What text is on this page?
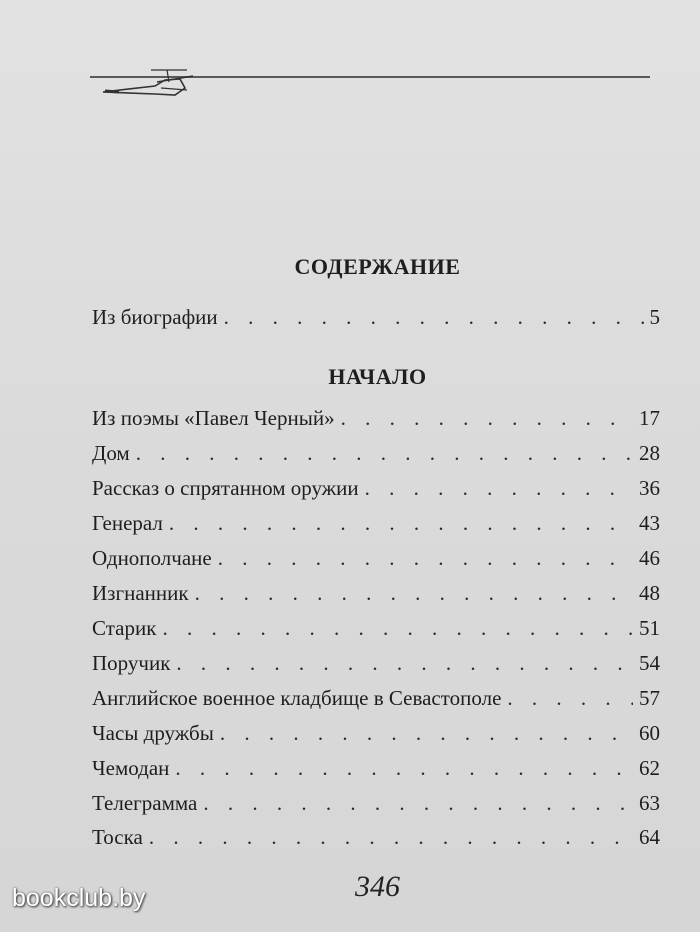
СОДЕРЖАНИЕ
Из биографии . . .	5
НАЧАЛО
Из поэмы «Павел Черный» . . .	17
Дом . . .	28
Рассказ о спрятанном оружии . . .	36
Генерал . . .	43
Однополчане . . .	46
Изгнанник . . .	48
Старик . . .	51
Поручик . . .	54
Английское военное кладбище в Севастополе . . .	57
Часы дружбы . . .	60
Чемодан . . .	62
Телеграмма . . .	63
Тоска . . .	64
346
bookclub.by
